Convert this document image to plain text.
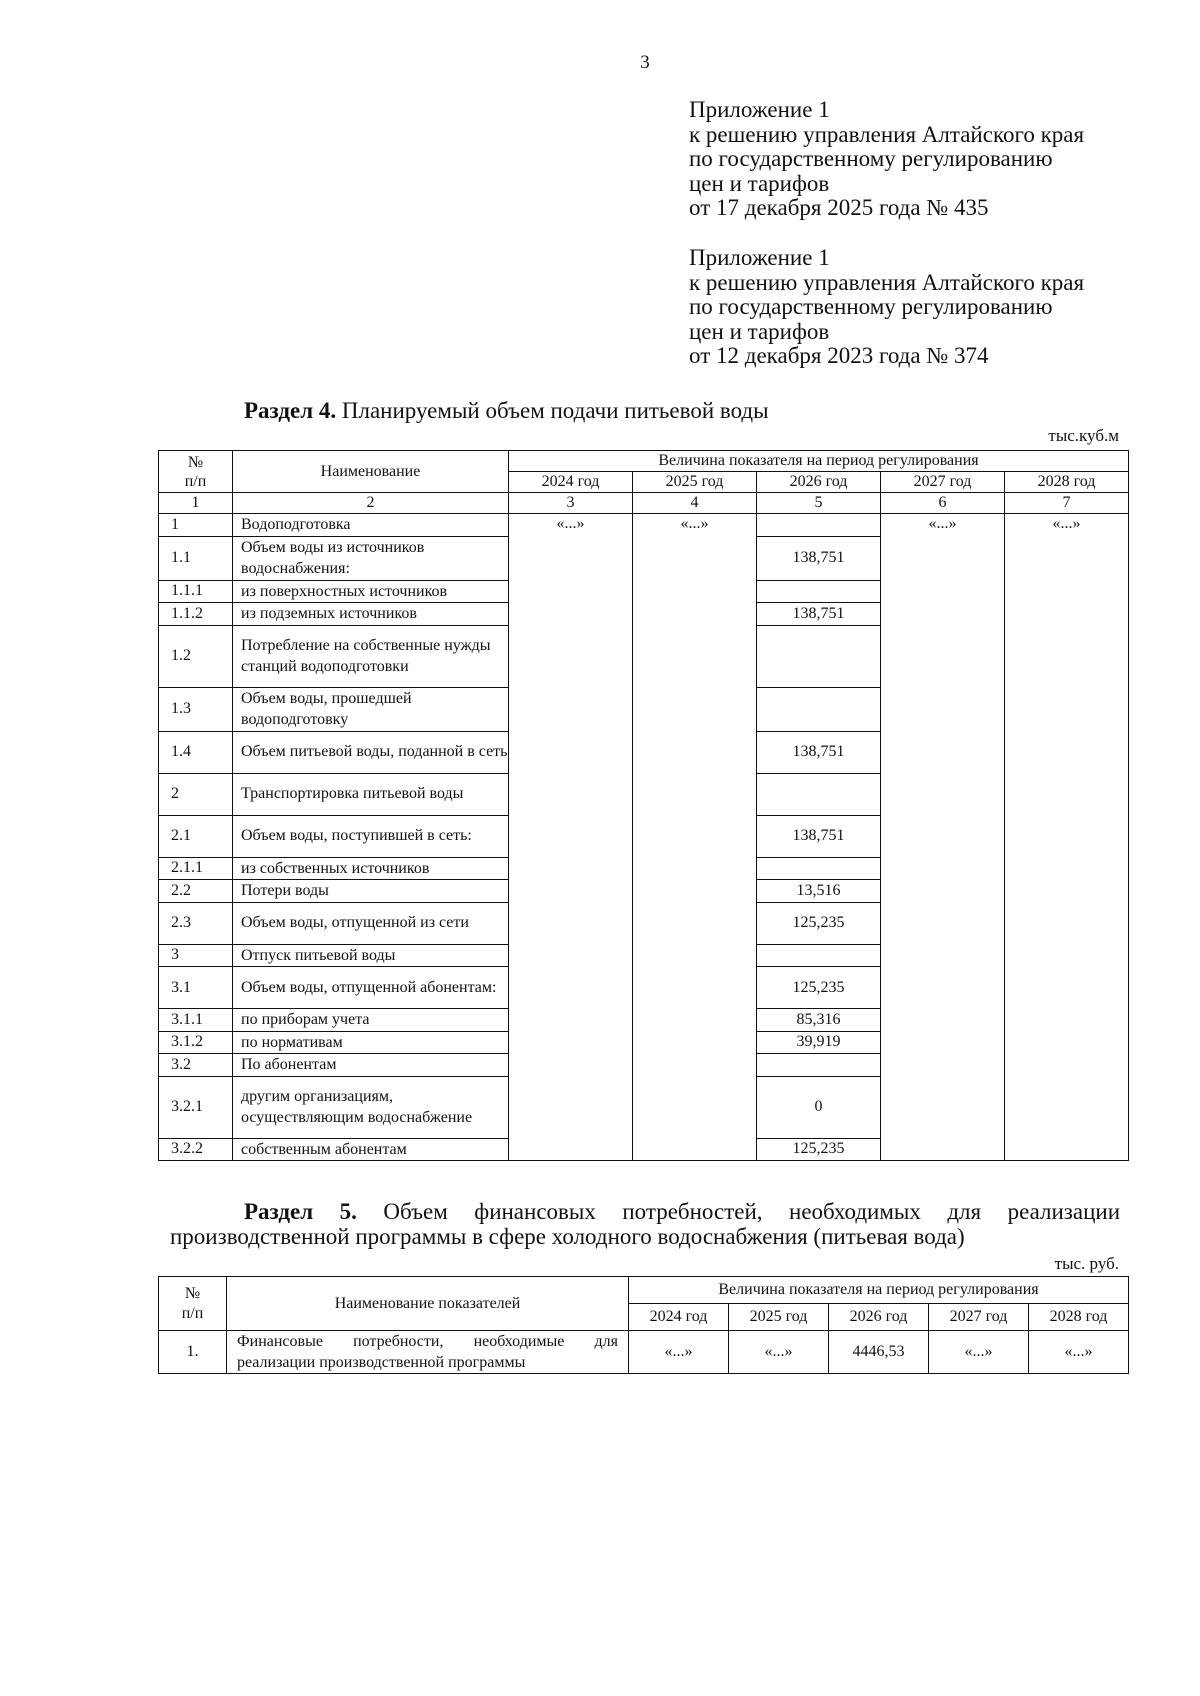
3
Приложение 1
к решению управления Алтайского края
по государственному регулированию
цен и тарифов
от 17 декабря 2025 года № 435
Приложение 1
к решению управления Алтайского края
по государственному регулированию
цен и тарифов
от 12 декабря 2023 года № 374
Раздел 4. Планируемый объем подачи питьевой воды
тыс.куб.м
№
п/п	Наименование	Величина показателя на период регулирования				
		2024 год	2025 год	2026 год	2027 год	2028 год
1	2	3	4	5	6	7
1	Водоподготовка	«...»	«...»		«...»	«...»
1.1	Объем воды из источников водоснабжения:			138,751		
1.1.1	из поверхностных источников					
1.1.2	из подземных источников			138,751		
1.2	Потребление на собственные нужды станций водоподготовки					
1.3	Объем воды, прошедшей водоподготовку					
1.4	Объем питьевой воды, поданной в сеть			138,751		
2	Транспортировка питьевой воды					
2.1	Объем воды, поступившей в сеть:			138,751		
2.1.1	из собственных источников					
2.2	Потери воды			13,516		
2.3	Объем воды, отпущенной из сети			125,235		
3	Отпуск питьевой воды					
3.1	Объем воды, отпущенной абонентам:			125,235		
3.1.1	по приборам учета			85,316		
3.1.2	по нормативам			39,919		
3.2	По абонентам					
3.2.1	другим организациям, осуществляющим водоснабжение			0		
3.2.2	собственным абонентам			125,235		
Раздел 5. Объем финансовых потребностей, необходимых для реализации
производственной программы в сфере холодного водоснабжения (питьевая вода)
тыс. руб.
№
п/п	Наименование показателей	Величина показателя на период регулирования				
		2024 год	2025 год	2026 год	2027 год	2028 год
1.	Финансовые потребности, необходимые для реализации производственной программы	«...»	«...»	4446,53	«...»	«...»
